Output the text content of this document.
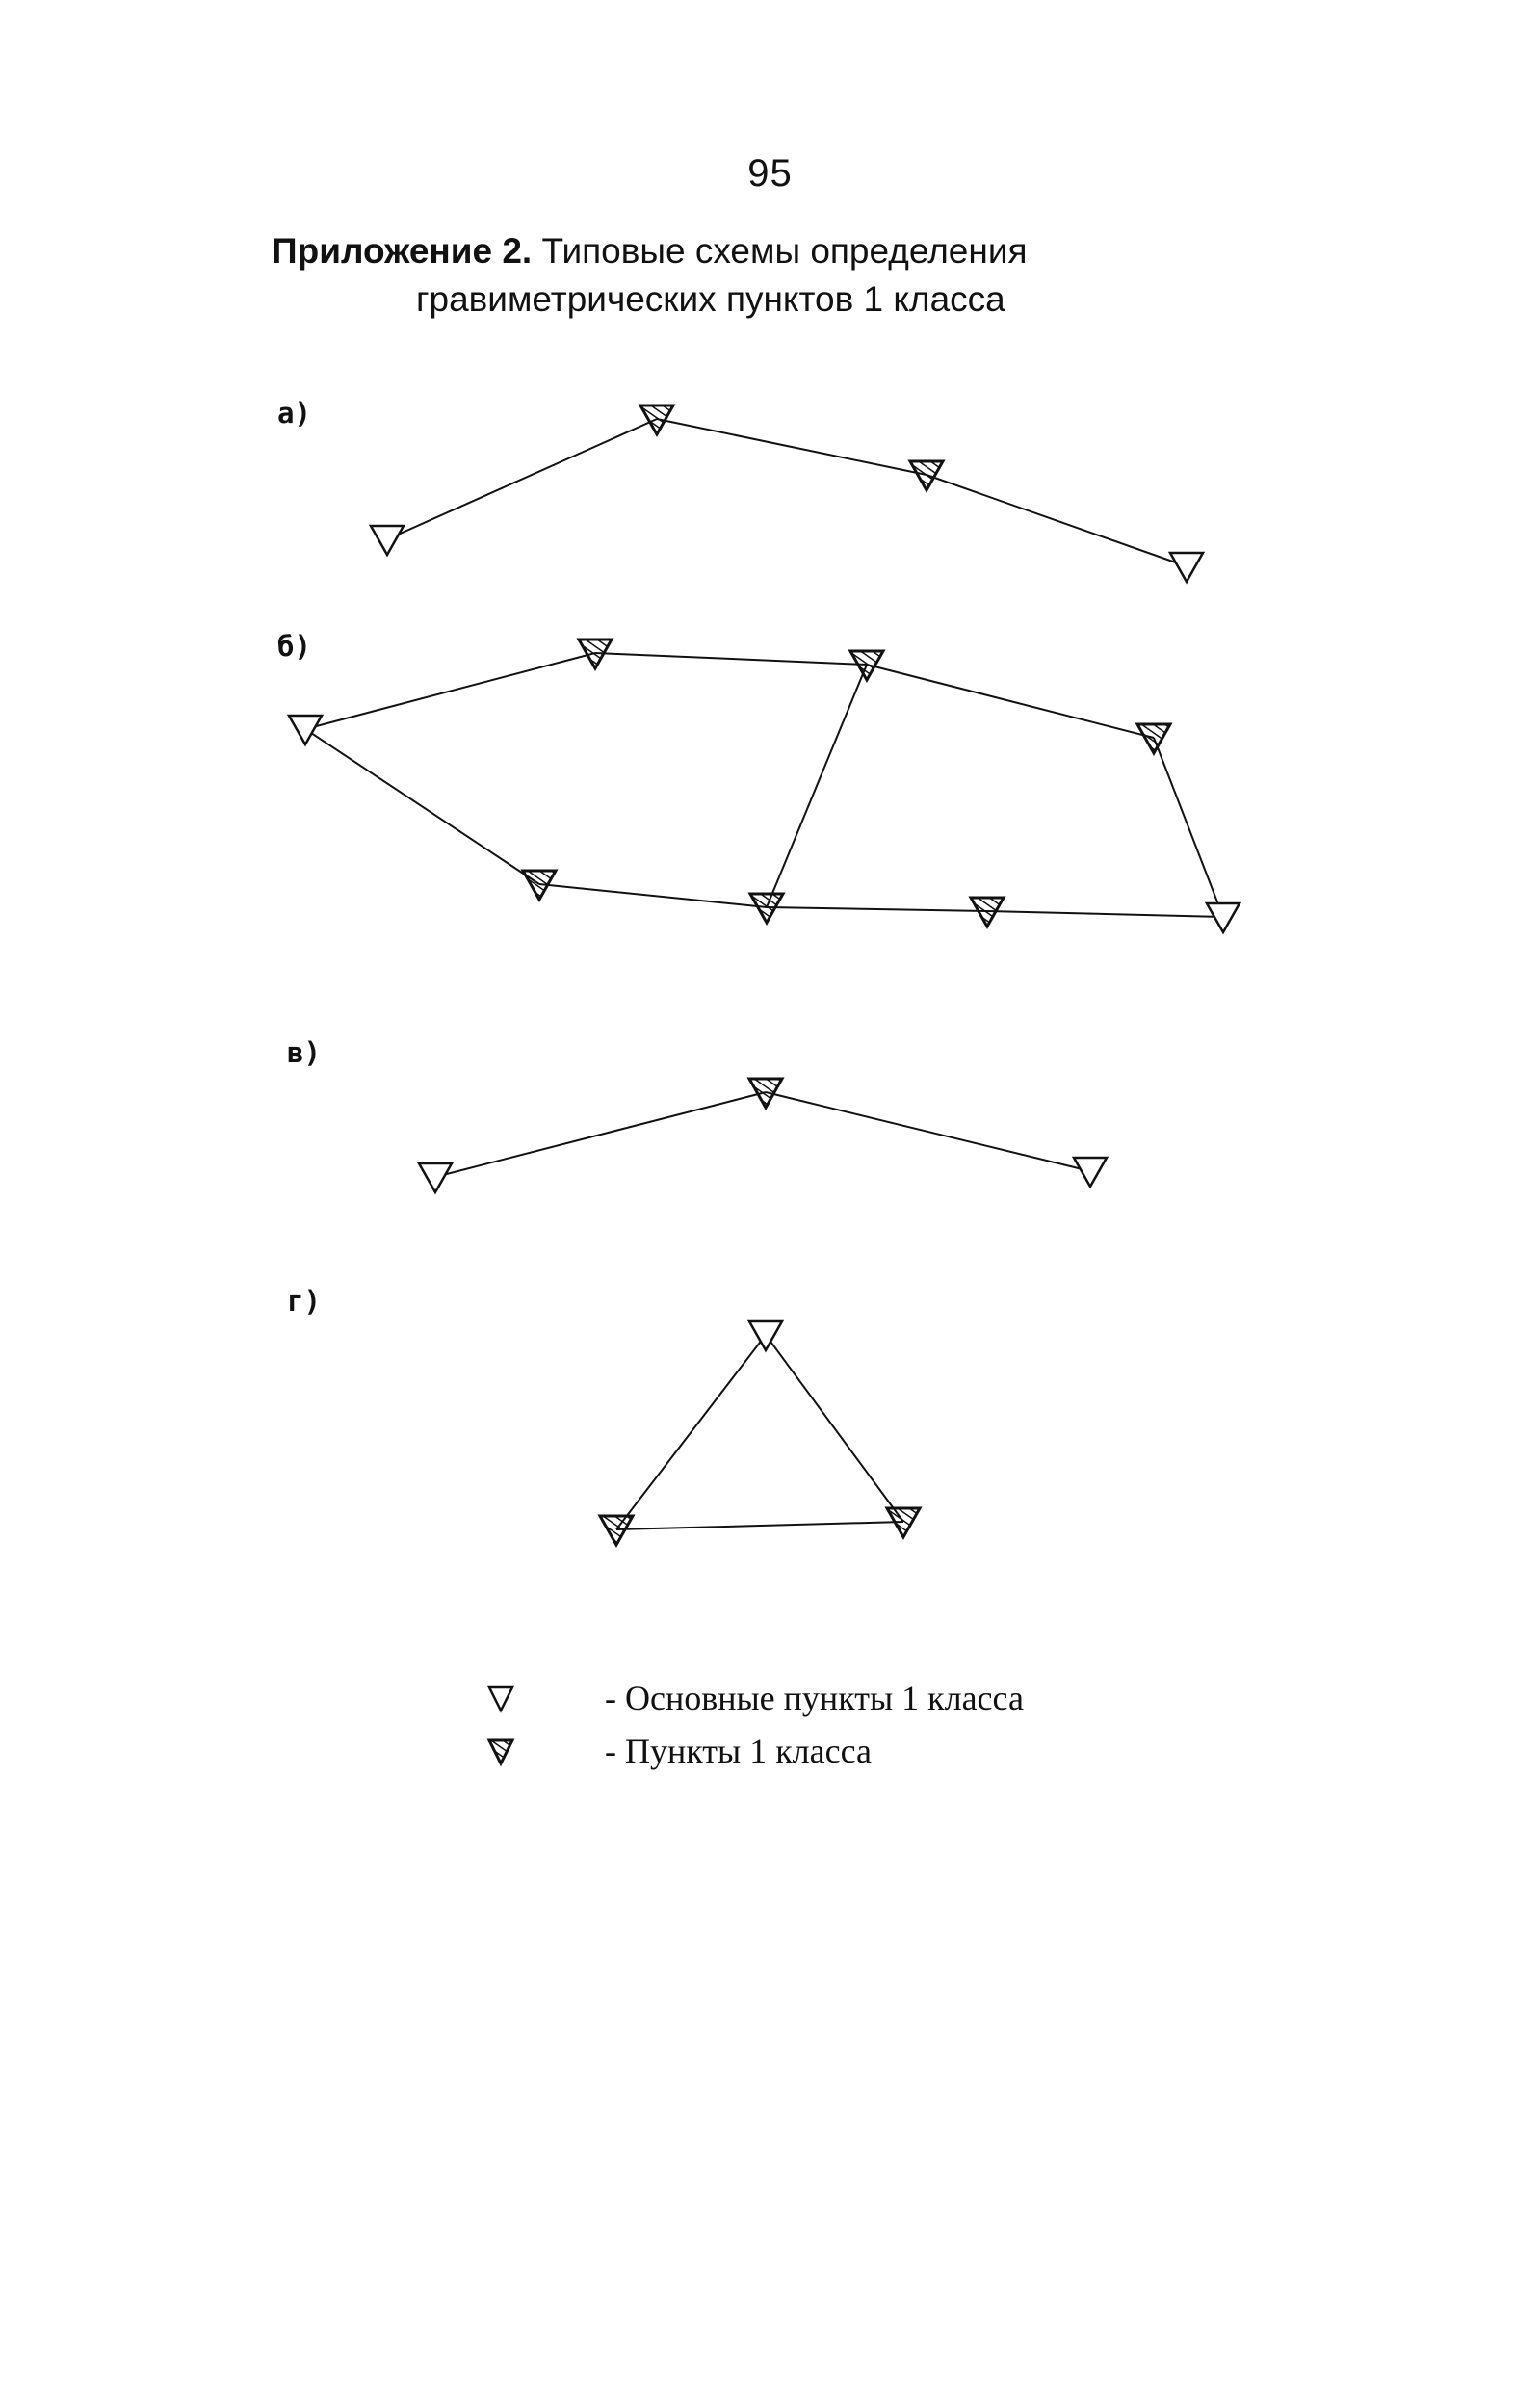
95
Приложение 2. Типовые схемы определения
гравиметрических пунктов 1 класса
а)
б)
в)
г)
- Основные пункты 1 класса
- Пункты 1 класса
